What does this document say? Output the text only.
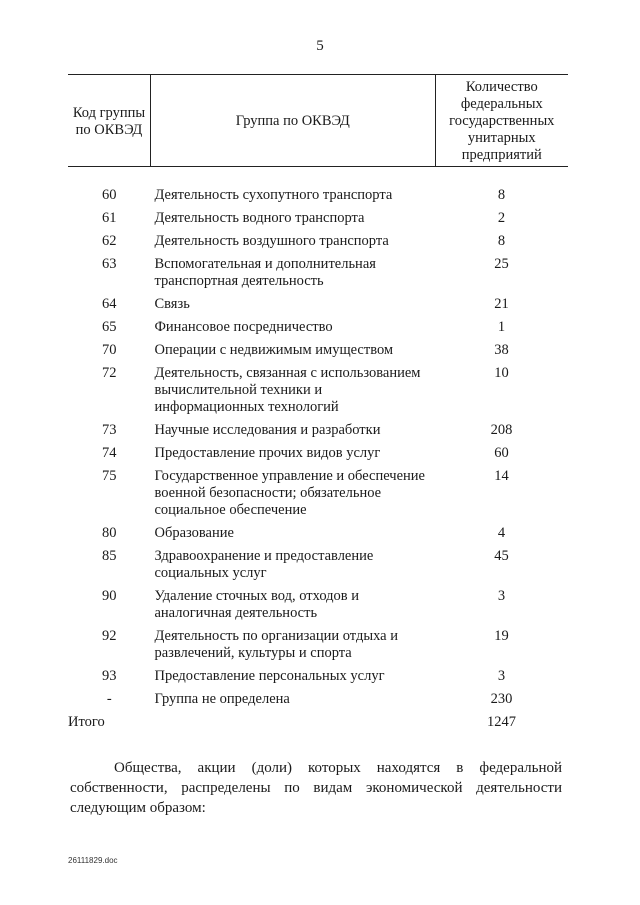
5
Код группы по ОКВЭД	Группа по ОКВЭД	Количество федеральных государственных унитарных предприятий
60	Деятельность сухопутного транспорта	8
61	Деятельность водного транспорта	2
62	Деятельность воздушного транспорта	8
63	Вспомогательная и дополнительная транспортная деятельность	25
64	Связь	21
65	Финансовое посредничество	1
70	Операции с недвижимым имуществом	38
72	Деятельность, связанная с использованием вычислительной техники и информационных технологий	10
73	Научные исследования и разработки	208
74	Предоставление прочих видов услуг	60
75	Государственное управление и обеспечение военной безопасности; обязательное социальное обеспечение	14
80	Образование	4
85	Здравоохранение и предоставление социальных услуг	45
90	Удаление сточных вод, отходов и аналогичная деятельность	3
92	Деятельность по организации отдыха и развлечений, культуры и спорта	19
93	Предоставление персональных услуг	3
-	Группа не определена	230
Итого		1247
Общества, акции (доли) которых находятся в федеральной собственности, распределены по видам экономической деятельности следующим образом:
26111829.doc
